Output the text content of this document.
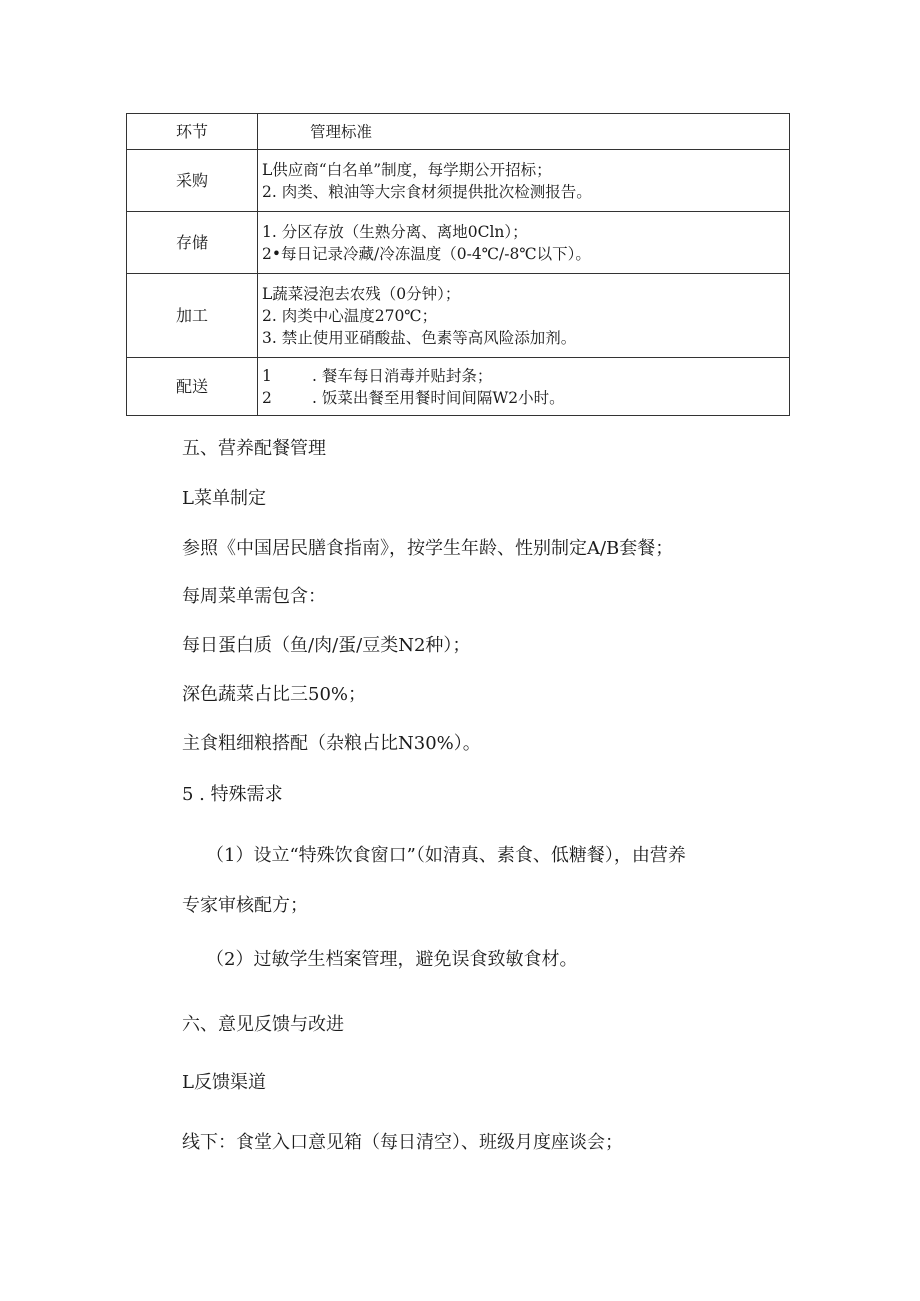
环节	管理标准
采购	L供应商“白名单”制度，每学期公开招标；
2. 肉类、粮油等大宗食材须提供批次检测报告。

存储	1. 分区存放（生熟分离、离地0Cln）；
2•每日记录冷藏/冷冻温度（0-4℃/-8℃以下）。

加工	L蔬菜浸泡去农残（0分钟）；
2. 肉类中心温度270℃；
3. 禁止使用亚硝酸盐、色素等高风险添加剂。

配送	1 . 餐车每日消毒并贴封条；
2 . 饭菜出餐至用餐时间间隔W2小时。

五、营养配餐管理

L菜单制定

参照《中国居民膳食指南》，按学生年龄、性别制定A/B套餐；

每周菜单需包含：

每日蛋白质（鱼/肉/蛋/豆类N2种）；

深色蔬菜占比三50%；

主食粗细粮搭配（杂粮占比N30%）。

5 . 特殊需求

（1）设立“特殊饮食窗口”（如清真、素食、低糖餐），由营养

专家审核配方；

（2）过敏学生档案管理，避免误食致敏食材。

六、意见反馈与改进

L反馈渠道

线下：食堂入口意见箱（每日清空）、班级月度座谈会；
